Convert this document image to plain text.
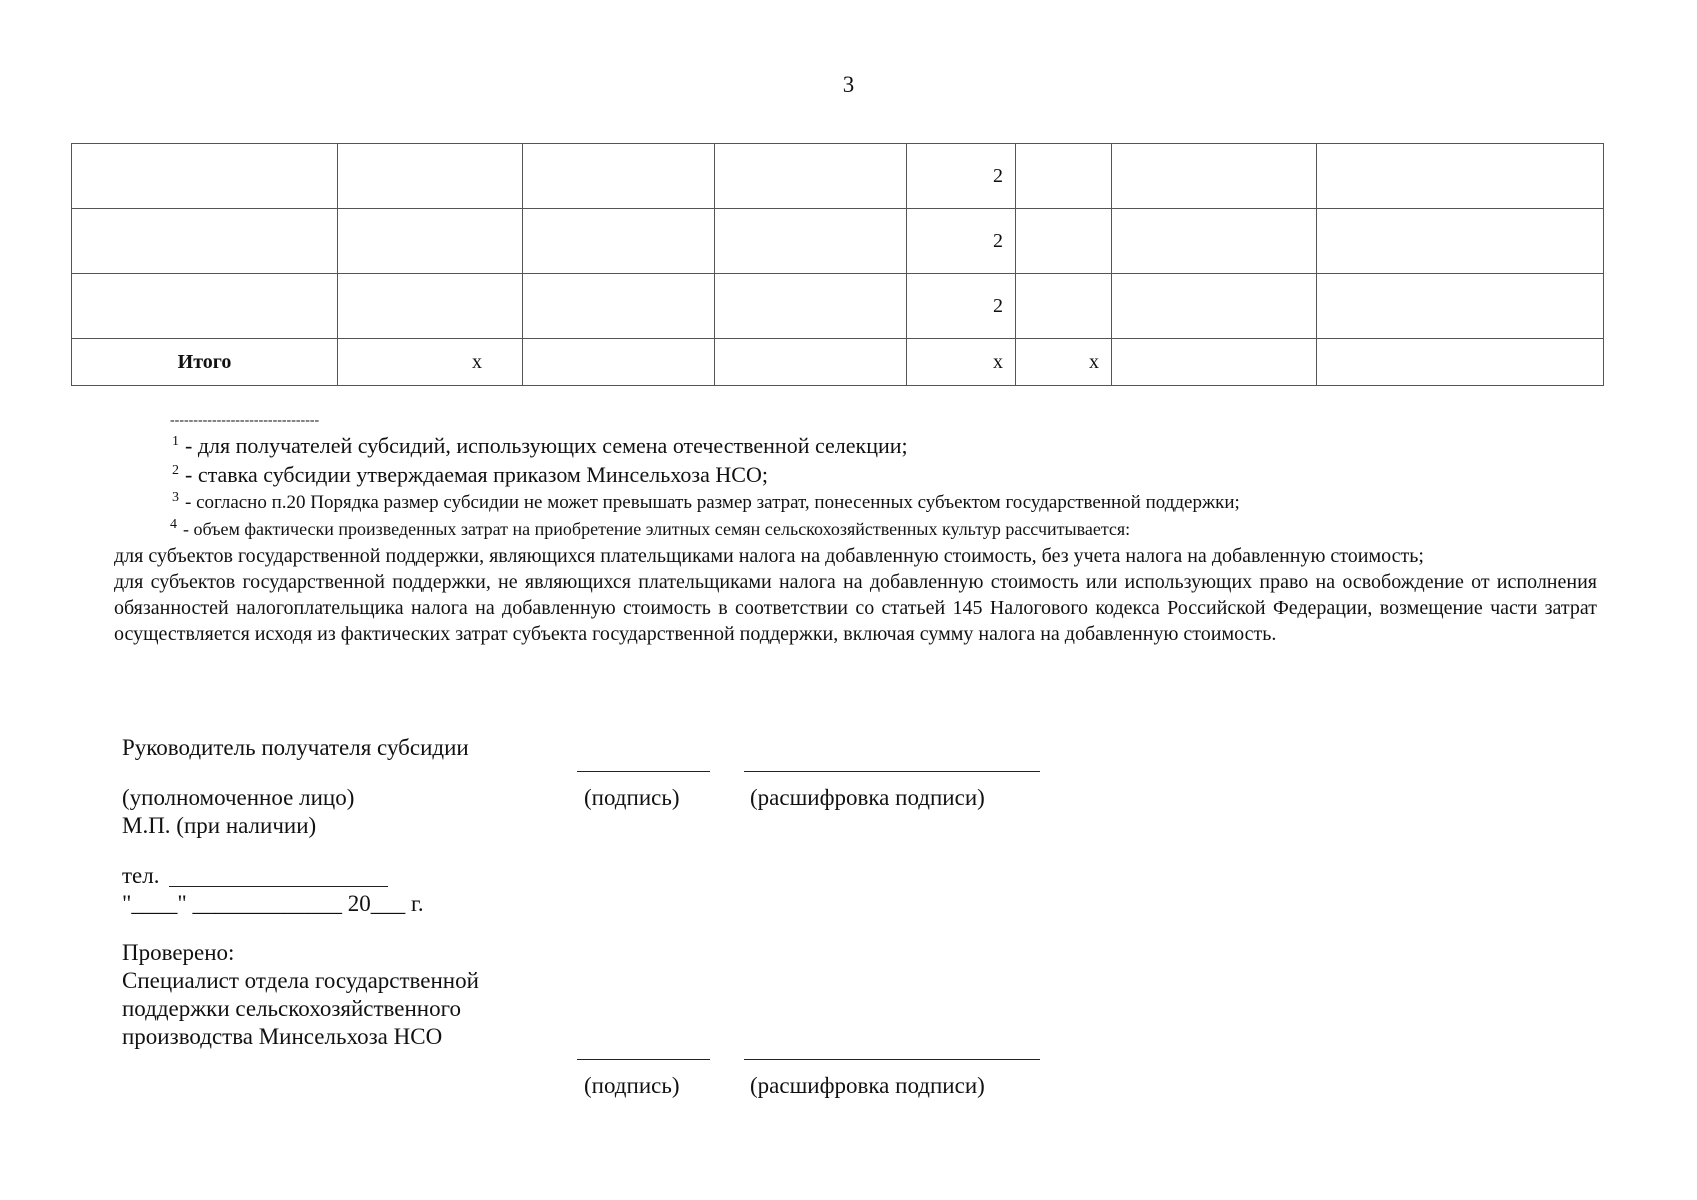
3
				2			
				2			
				2			
Итого	x			x	x		
--------------------------------
$^1$ - для получателей субсидий, использующих семена отечественной селекции;
$^2$ - ставка субсидии утверждаемая приказом Минсельхоза НСО;
$^3$ - согласно п.20 Порядка размер субсидии не может превышать размер затрат, понесенных субъектом государственной поддержки;
$^4$ - объем фактически произведенных затрат на приобретение элитных семян сельскохозяйственных культур рассчитывается:

для субъектов государственной поддержки, являющихся плательщиками налога на добавленную стоимость, без учета налога на добавленную стоимость;

для субъектов государственной поддержки, не являющихся плательщиками налога на добавленную стоимость или использующих право на освобождение от исполнения обязанностей налогоплательщика налога на добавленную стоимость в соответствии со статьей 145 Налогового кодекса Российской Федерации, возмещение части затрат осуществляется исходя из фактических затрат субъекта государственной поддержки, включая сумму налога на добавленную стоимость.

Руководитель получателя субсидии
(уполномоченное лицо)	(подпись)	(расшифровка подписи)
М.П. (при наличии)
тел.
"____" _____________ 20___ г.
Проверено:
Специалист отдела государственной
поддержки сельскохозяйственного
производства Минсельхоза НСО
(подпись)	(расшифровка подписи)
